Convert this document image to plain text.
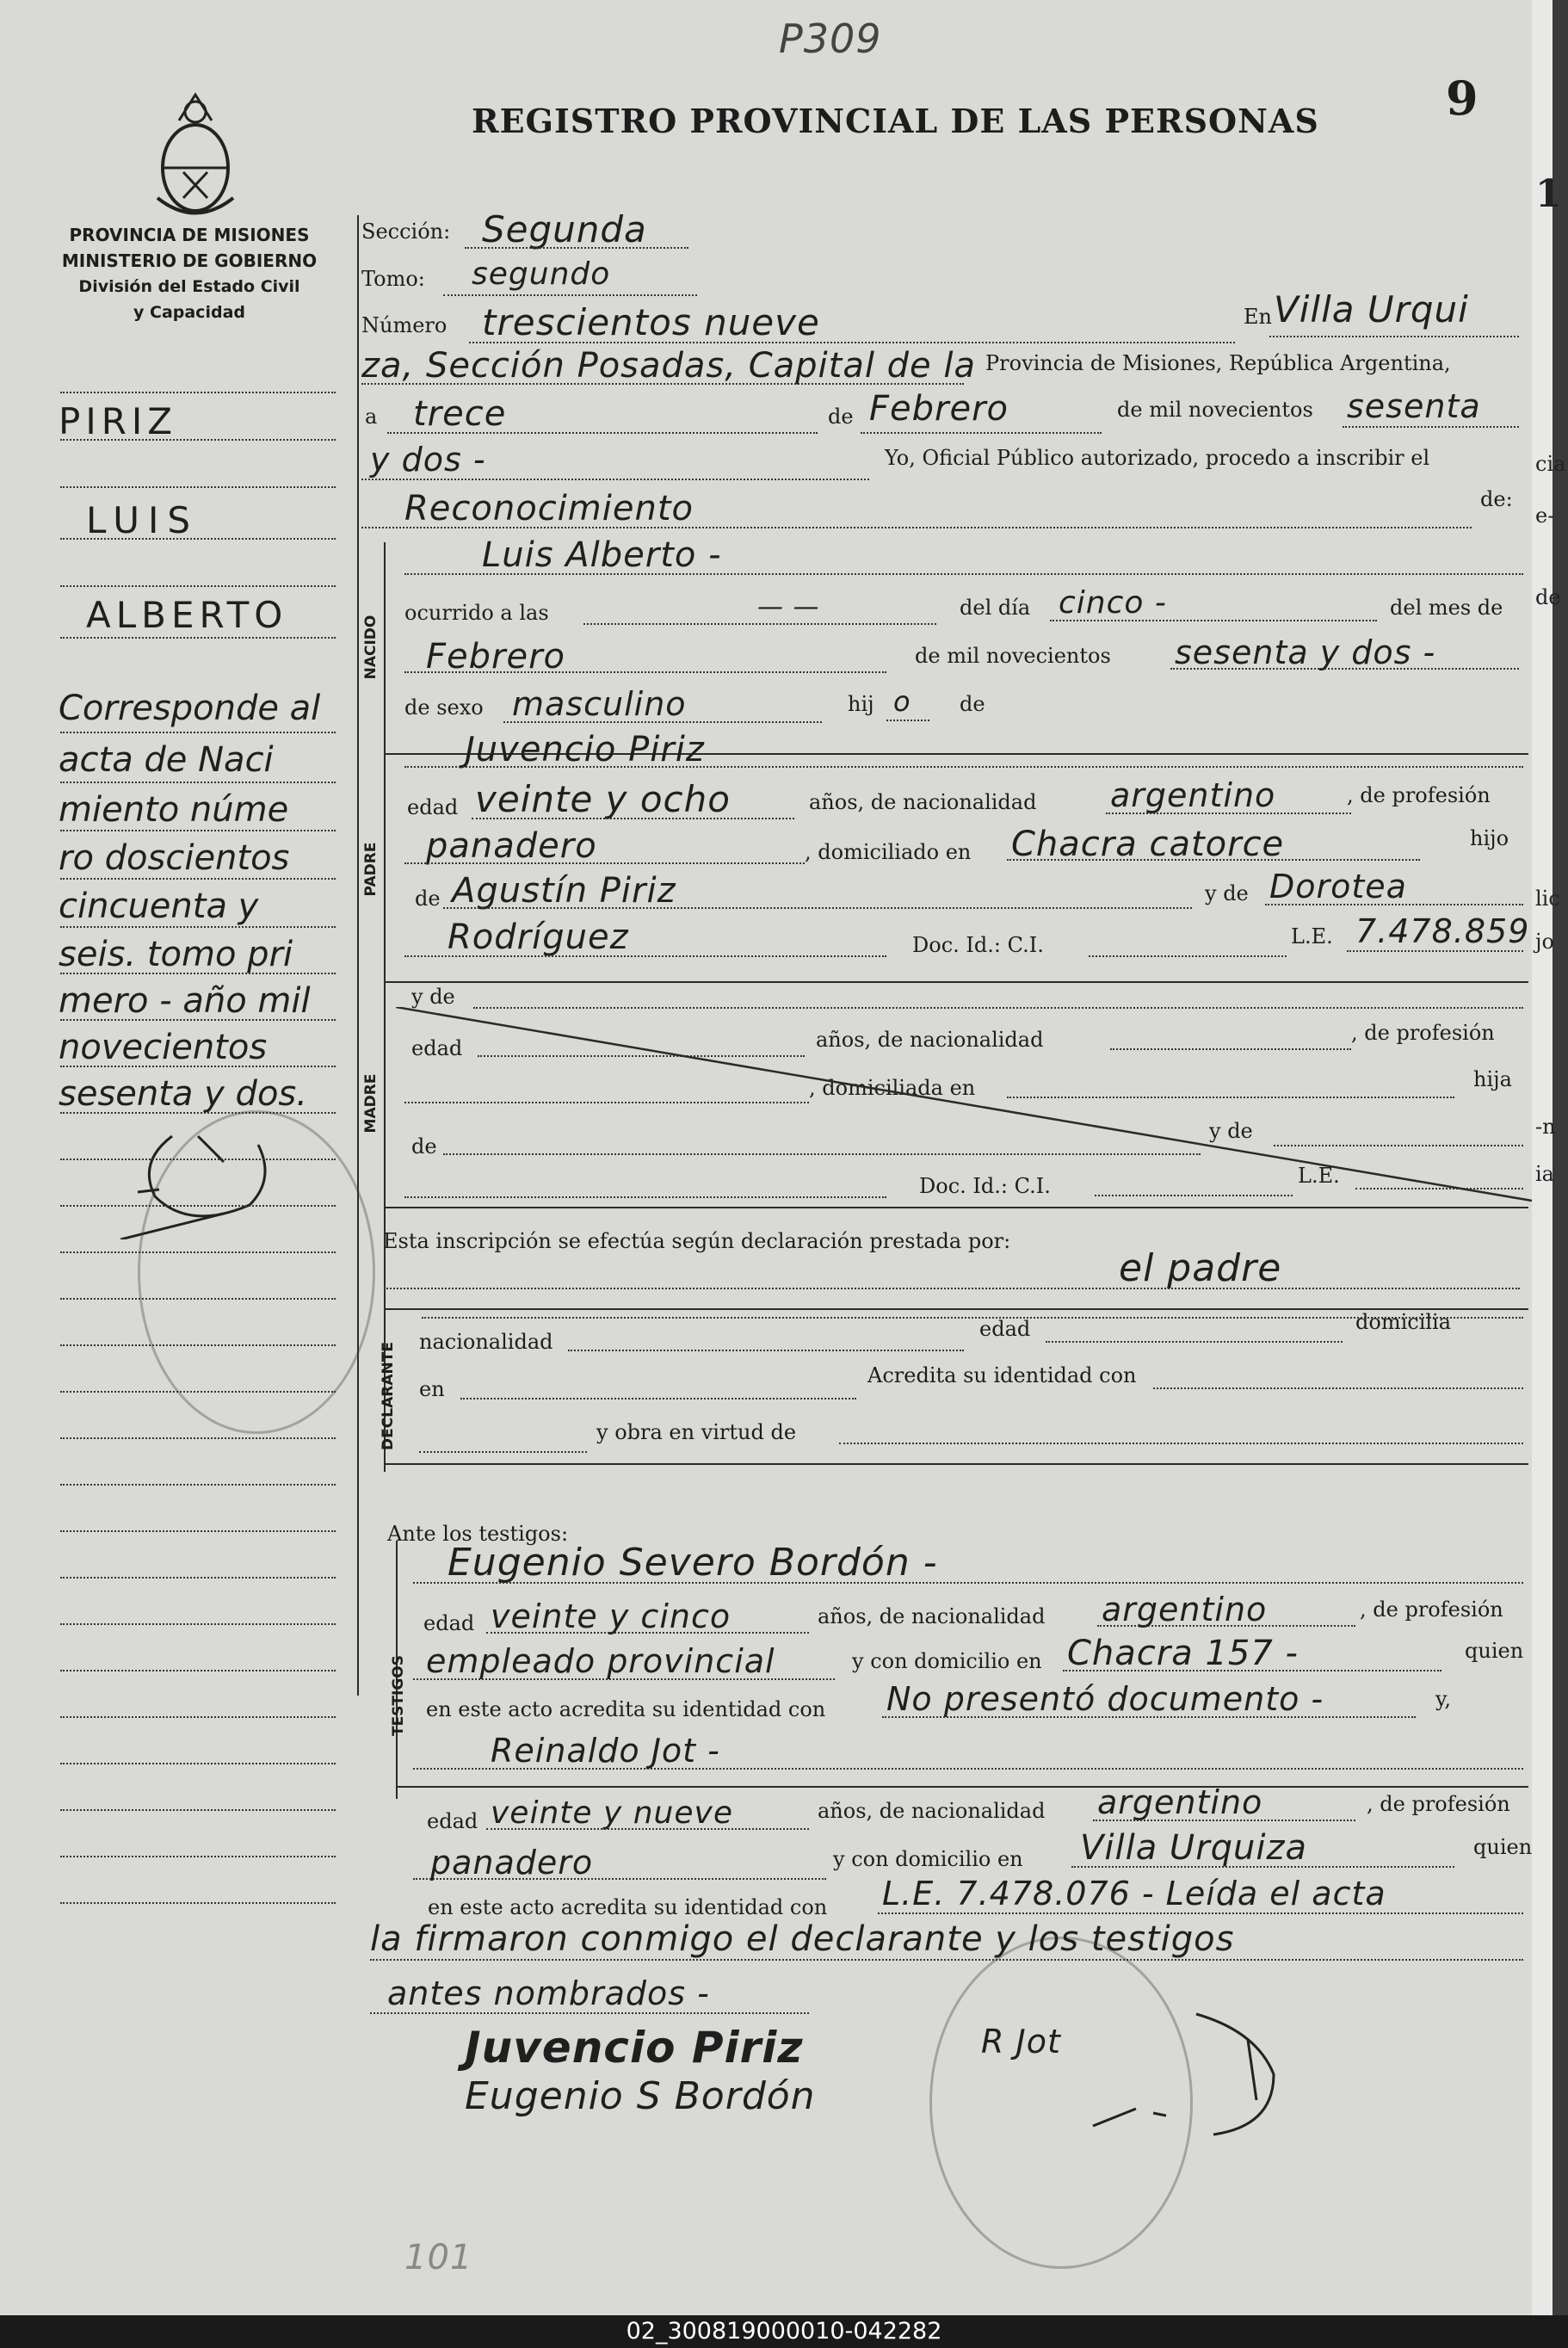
P309
REGISTRO PROVINCIAL DE LAS PERSONAS	9
PROVINCIA DE MISIONES
MINISTERIO DE GOBIERNO
División del Estado Civil
y Capacidad
PIRIZ
LUIS
ALBERTO
Corresponde al
acta de Naci
miento núme
ro doscientos
cincuenta y
seis. tomo pri
mero - año mil
novecientos
sesenta y dos.
NACIDO
PADRE
MADRE
DECLARANTE
TESTIGOS
Sección: Segunda
Tomo: segundo
Número trescientos nueve	En Villa Urqui
za, Sección Posadas, Capital de la Provincia de Misiones, República Argentina,
a trece	de Febrero	de mil novecientos sesenta
y dos -	Yo, Oficial Público autorizado, procedo a inscribir el
Reconocimiento	de:
Luis Alberto -
ocurrido a las	— —	del día cinco -	del mes de
Febrero	de mil novecientos sesenta y dos -
de sexo masculino	hij o de
Juvencio Piriz
edad veinte y ocho	años, de nacionalidad argentino	, de profesión
panadero	, domiciliado en Chacra catorce	hijo
de Agustín Piriz	y de Dorotea
Rodríguez	Doc. Id.: C.I.	L.E. 7.478.859
y de
edad	años, de nacionalidad	, de profesión
, domiciliada en	hija
de
y de
Doc. Id.: C.I.	L.E.
Esta inscripción se efectúa según declaración prestada por:
el padre
nacionalidad
edad	domicilia
en
Acredita su identidad con
y obra en virtud de
Ante los testigos:
Eugenio Severo Bordón -
edad veinte y cinco	años, de nacionalidad argentino	, de profesión
empleado provincial	y con domicilio en Chacra 157 -	quien
en este acto acredita su identidad con No presentó documento -	y,
Reinaldo Jot -
edad veinte y nueve	años, de nacionalidad argentino	, de profesión
panadero	y con domicilio en Villa Urquiza	quien
en este acto acredita su identidad con L.E. 7.478.076 - Leída el acta
la firmaron conmigo el declarante y los testigos
antes nombrados -
Juvencio Piriz
Eugenio S Bordón
R Jot
101
1
cia
e-
de
lic
jo
-n
ia
02_300819000010-042282
